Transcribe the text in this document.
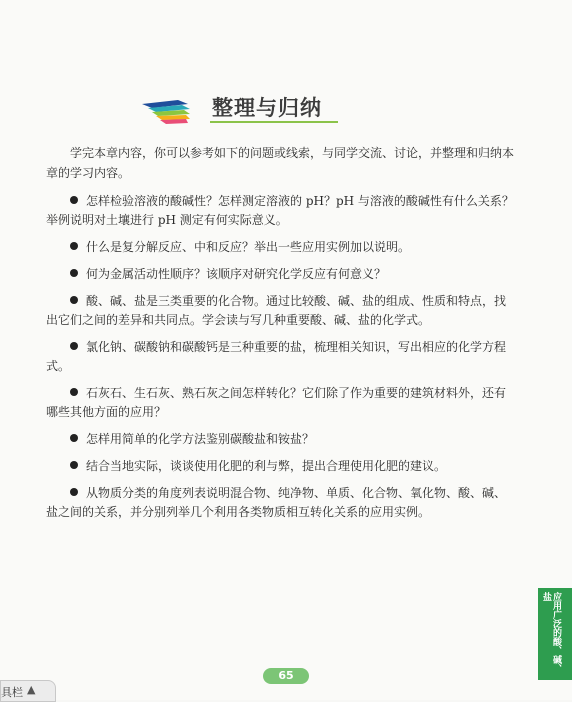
整理与归纳

学完本章内容，你可以参考如下的问题或线索，与同学交流、讨论，并整理和归纳本章的学习内容。

怎样检验溶液的酸碱性？怎样测定溶液的 pH？pH 与溶液的酸碱性有什么关系？举例说明对土壤进行 pH 测定有何实际意义。
什么是复分解反应、中和反应？举出一些应用实例加以说明。
何为金属活动性顺序？该顺序对研究化学反应有何意义？
酸、碱、盐是三类重要的化合物。通过比较酸、碱、盐的组成、性质和特点，找出它们之间的差异和共同点。学会读与写几种重要酸、碱、盐的化学式。
氯化钠、碳酸钠和碳酸钙是三种重要的盐，梳理相关知识，写出相应的化学方程式。
石灰石、生石灰、熟石灰之间怎样转化？它们除了作为重要的建筑材料外，还有哪些其他方面的应用？
怎样用简单的化学方法鉴别碳酸盐和铵盐？
结合当地实际，谈谈使用化肥的利与弊，提出合理使用化肥的建议。
从物质分类的角度列表说明混合物、纯净物、单质、化合物、氧化物、酸、碱、盐之间的关系，并分别列举几个利用各类物质相互转化关系的应用实例。
应用广泛的酸、碱、盐
65
具栏 ▲
